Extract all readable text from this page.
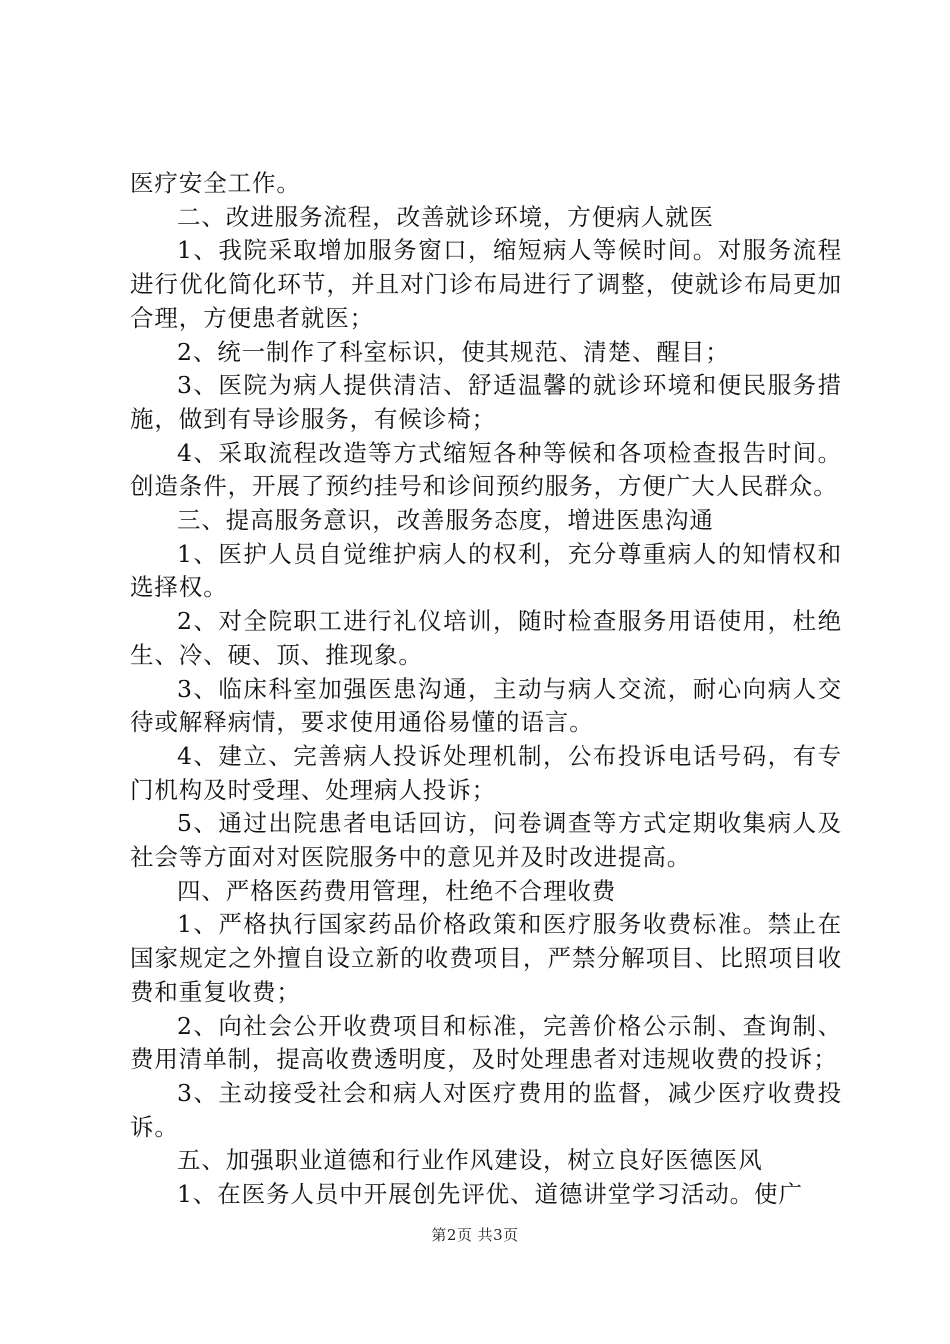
医疗安全工作。

二、改进服务流程，改善就诊环境，方便病人就医

1、我院采取增加服务窗口，缩短病人等候时间。对服务流程进行优化简化环节，并且对门诊布局进行了调整，使就诊布局更加合理，方便患者就医；

2、统一制作了科室标识，使其规范、清楚、醒目；

3、医院为病人提供清洁、舒适温馨的就诊环境和便民服务措施，做到有导诊服务，有候诊椅；

4、采取流程改造等方式缩短各种等候和各项检查报告时间。创造条件，开展了预约挂号和诊间预约服务，方便广大人民群众。

三、提高服务意识，改善服务态度，增进医患沟通

1、医护人员自觉维护病人的权利，充分尊重病人的知情权和选择权。

2、对全院职工进行礼仪培训，随时检查服务用语使用，杜绝生、冷、硬、顶、推现象。

3、临床科室加强医患沟通，主动与病人交流，耐心向病人交待或解释病情，要求使用通俗易懂的语言。

4、建立、完善病人投诉处理机制，公布投诉电话号码，有专门机构及时受理、处理病人投诉；

5、通过出院患者电话回访，问卷调查等方式定期收集病人及社会等方面对对医院服务中的意见并及时改进提高。

四、严格医药费用管理，杜绝不合理收费

1、严格执行国家药品价格政策和医疗服务收费标准。禁止在国家规定之外擅自设立新的收费项目，严禁分解项目、比照项目收费和重复收费；

2、向社会公开收费项目和标准，完善价格公示制、查询制、费用清单制，提高收费透明度，及时处理患者对违规收费的投诉；

3、主动接受社会和病人对医疗费用的监督，减少医疗收费投诉。

五、加强职业道德和行业作风建设，树立良好医德医风

1、在医务人员中开展创先评优、道德讲堂学习活动。使广

第2页 共3页
